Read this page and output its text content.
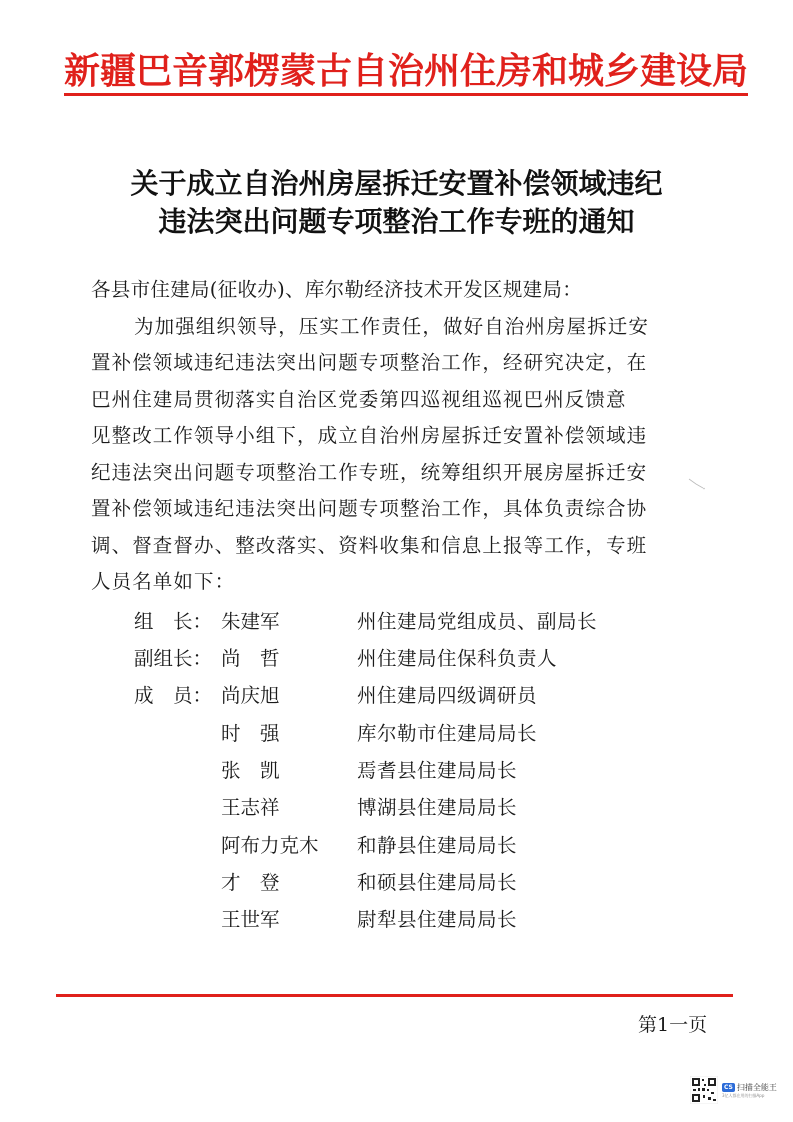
新疆巴音郭楞蒙古自治州住房和城乡建设局
关于成立自治州房屋拆迁安置补偿领域违纪
违法突出问题专项整治工作专班的通知
各县市住建局(征收办)、库尔勒经济技术开发区规建局：
为加强组织领导，压实工作责任，做好自治州房屋拆迁安
置补偿领域违纪违法突出问题专项整治工作，经研究决定，在
巴州住建局贯彻落实自治区党委第四巡视组巡视巴州反馈意
见整改工作领导小组下，成立自治州房屋拆迁安置补偿领域违
纪违法突出问题专项整治工作专班，统筹组织开展房屋拆迁安
置补偿领域违纪违法突出问题专项整治工作，具体负责综合协
调、督查督办、整改落实、资料收集和信息上报等工作，专班
人员名单如下：
组　长： 朱建军	州住建局党组成员、副局长
副组长： 尚　哲	州住建局住保科负责人
成　员： 尚庆旭	州住建局四级调研员
时　强	库尔勒市住建局局长
张　凯	焉耆县住建局局长
王志祥	博湖县住建局局长
阿布力克木 和静县住建局局长
才　登	和硕县住建局局长
王世军	尉犁县住建局局长
第1一页
CS 扫描全能王
3亿人都在用的扫描App
